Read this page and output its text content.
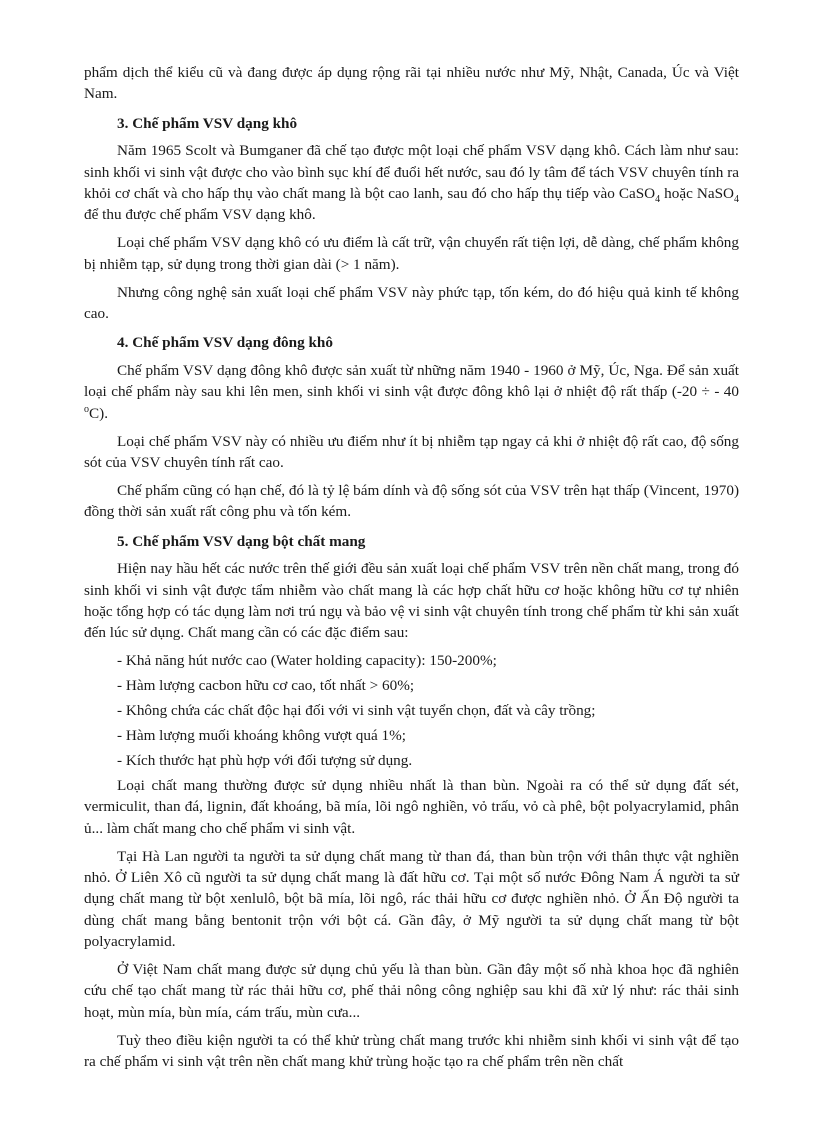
phẩm dịch thể kiểu cũ và đang được áp dụng rộng rãi tại nhiều nước như Mỹ, Nhật, Canada, Úc và Việt Nam.

3. Chế phẩm VSV dạng khô

Năm 1965 Scolt và Bumganer đã chế tạo được một loại chế phẩm VSV dạng khô. Cách làm như sau: sinh khối vi sinh vật được cho vào bình sục khí để đuổi hết nước, sau đó ly tâm để tách VSV chuyên tính ra khỏi cơ chất và cho hấp thụ vào chất mang là bột cao lanh, sau đó cho hấp thụ tiếp vào CaSO$_4$ hoặc NaSO$_4$ để thu được chế phẩm VSV dạng khô.

Loại chế phẩm VSV dạng khô có ưu điểm là cất trữ, vận chuyển rất tiện lợi, dễ dàng, chế phẩm không bị nhiễm tạp, sử dụng trong thời gian dài (> 1 năm).

Nhưng công nghệ sản xuất loại chế phẩm VSV này phức tạp, tốn kém, do đó hiệu quả kinh tế không cao.

4. Chế phẩm VSV dạng đông khô

Chế phẩm VSV dạng đông khô được sản xuất từ những năm 1940 - 1960 ở Mỹ, Úc, Nga. Để sản xuất loại chế phẩm này sau khi lên men, sinh khối vi sinh vật được đông khô lại ở nhiệt độ rất thấp (-20 ÷ - 40 $^o$C).

Loại chế phẩm VSV này có nhiều ưu điểm như ít bị nhiễm tạp ngay cả khi ở nhiệt độ rất cao, độ sống sót của VSV chuyên tính rất cao.

Chế phẩm cũng có hạn chế, đó là tỷ lệ bám dính và độ sống sót của VSV trên hạt thấp (Vincent, 1970) đồng thời sản xuất rất công phu và tốn kém.

5. Chế phẩm VSV dạng bột chất mang

Hiện nay hầu hết các nước trên thế giới đều sản xuất loại chế phẩm VSV trên nền chất mang, trong đó sinh khối vi sinh vật được tẩm nhiễm vào chất mang là các hợp chất hữu cơ hoặc không hữu cơ tự nhiên hoặc tổng hợp có tác dụng làm nơi trú ngụ và bảo vệ vi sinh vật chuyên tính trong chế phẩm từ khi sản xuất đến lúc sử dụng. Chất mang cần có các đặc điểm sau:

- Khả năng hút nước cao (Water holding capacity): 150-200%;

- Hàm lượng cacbon hữu cơ cao, tốt nhất > 60%;

- Không chứa các chất độc hại đối với vi sinh vật tuyển chọn, đất và cây trồng;

- Hàm lượng muối khoáng không vượt quá 1%;

- Kích thước hạt phù hợp với đối tượng sử dụng.

Loại chất mang thường được sử dụng nhiều nhất là than bùn. Ngoài ra có thể sử dụng đất sét, vermiculit, than đá, lignin, đất khoáng, bã mía, lõi ngô nghiền, vỏ trấu, vỏ cà phê, bột polyacrylamid, phân ủ... làm chất mang cho chế phẩm vi sinh vật.

Tại Hà Lan người ta người ta sử dụng chất mang từ than đá, than bùn trộn với thân thực vật nghiền nhỏ. Ở Liên Xô cũ người ta sử dụng chất mang là đất hữu cơ. Tại một số nước Đông Nam Á người ta sử dụng chất mang từ bột xenlulô, bột bã mía, lõi ngô, rác thải hữu cơ được nghiền nhỏ. Ở Ấn Độ người ta dùng chất mang bằng bentonit trộn với bột cá. Gần đây, ở Mỹ người ta sử dụng chất mang từ bột polyacrylamid.

Ở Việt Nam chất mang được sử dụng chủ yếu là than bùn. Gần đây một số nhà khoa học đã nghiên cứu chế tạo chất mang từ rác thải hữu cơ, phế thải nông công nghiệp sau khi đã xử lý như: rác thải sinh hoạt, mùn mía, bùn mía, cám trấu, mùn cưa...

Tuỳ theo điều kiện người ta có thể khử trùng chất mang trước khi nhiễm sinh khối vi sinh vật để tạo ra chế phẩm vi sinh vật trên nền chất mang khử trùng hoặc tạo ra chế phẩm trên nền chất
